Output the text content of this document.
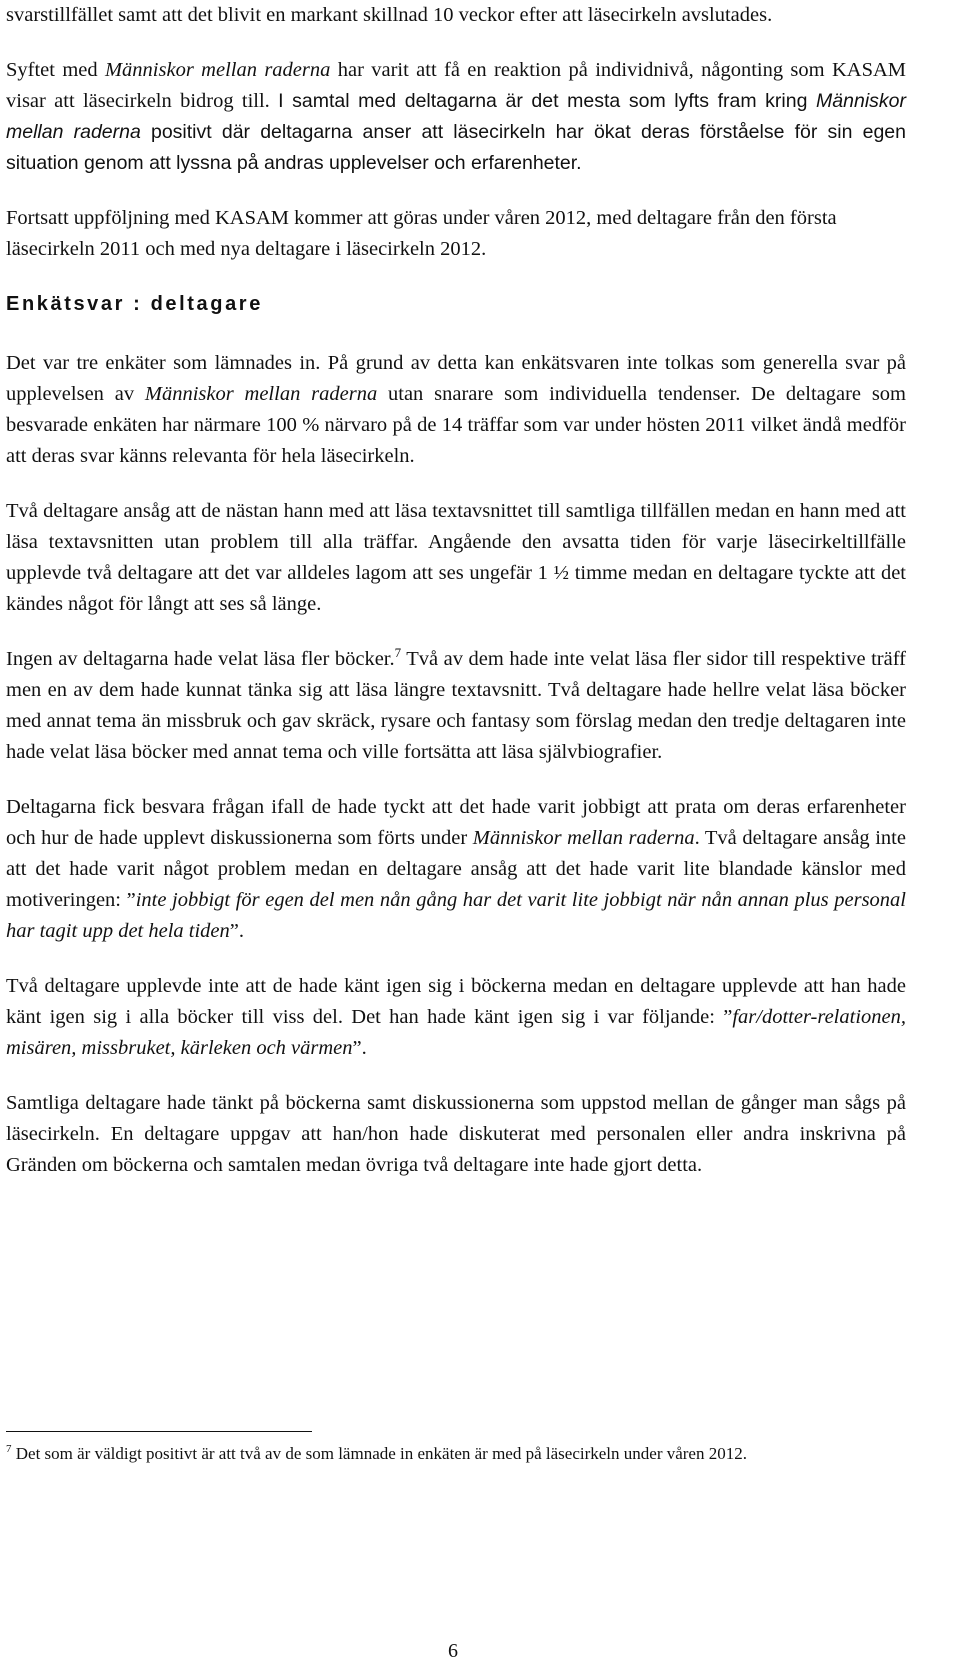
svarstillfället samt att det blivit en markant skillnad 10 veckor efter att läsecirkeln avslutades.

Syftet med Människor mellan raderna har varit att få en reaktion på individnivå, någonting som KASAM visar att läsecirkeln bidrog till. I samtal med deltagarna är det mesta som lyfts fram kring Människor mellan raderna positivt där deltagarna anser att läsecirkeln har ökat deras förståelse för sin egen situation genom att lyssna på andras upplevelser och erfarenheter.

Fortsatt uppföljning med KASAM kommer att göras under våren 2012, med deltagare från den första läsecirkeln 2011 och med nya deltagare i läsecirkeln 2012.

Enkätsvar : deltagare

Det var tre enkäter som lämnades in. På grund av detta kan enkätsvaren inte tolkas som generella svar på upplevelsen av Människor mellan raderna utan snarare som individuella tendenser. De deltagare som besvarade enkäten har närmare 100 % närvaro på de 14 träffar som var under hösten 2011 vilket ändå medför att deras svar känns relevanta för hela läsecirkeln.

Två deltagare ansåg att de nästan hann med att läsa textavsnittet till samtliga tillfällen medan en hann med att läsa textavsnitten utan problem till alla träffar. Angående den avsatta tiden för varje läsecirkeltillfälle upplevde två deltagare att det var alldeles lagom att ses ungefär 1 ½ timme medan en deltagare tyckte att det kändes något för långt att ses så länge.

Ingen av deltagarna hade velat läsa fler böcker.$^7$ Två av dem hade inte velat läsa fler sidor till respektive träff men en av dem hade kunnat tänka sig att läsa längre textavsnitt. Två deltagare hade hellre velat läsa böcker med annat tema än missbruk och gav skräck, rysare och fantasy som förslag medan den tredje deltagaren inte hade velat läsa böcker med annat tema och ville fortsätta att läsa självbiografier.

Deltagarna fick besvara frågan ifall de hade tyckt att det hade varit jobbigt att prata om deras erfarenheter och hur de hade upplevt diskussionerna som förts under Människor mellan raderna. Två deltagare ansåg inte att det hade varit något problem medan en deltagare ansåg att det hade varit lite blandade känslor med motiveringen: ”inte jobbigt för egen del men nån gång har det varit lite jobbigt när nån annan plus personal har tagit upp det hela tiden”.

Två deltagare upplevde inte att de hade känt igen sig i böckerna medan en deltagare upplevde att han hade känt igen sig i alla böcker till viss del. Det han hade känt igen sig i var följande: ”far/dotter-relationen, misären, missbruket, kärleken och värmen”.

Samtliga deltagare hade tänkt på böckerna samt diskussionerna som uppstod mellan de gånger man sågs på läsecirkeln. En deltagare uppgav att han/hon hade diskuterat med personalen eller andra inskrivna på Gränden om böckerna och samtalen medan övriga två deltagare inte hade gjort detta.

$^7$ Det som är väldigt positivt är att två av de som lämnade in enkäten är med på läsecirkeln under våren 2012.

6
